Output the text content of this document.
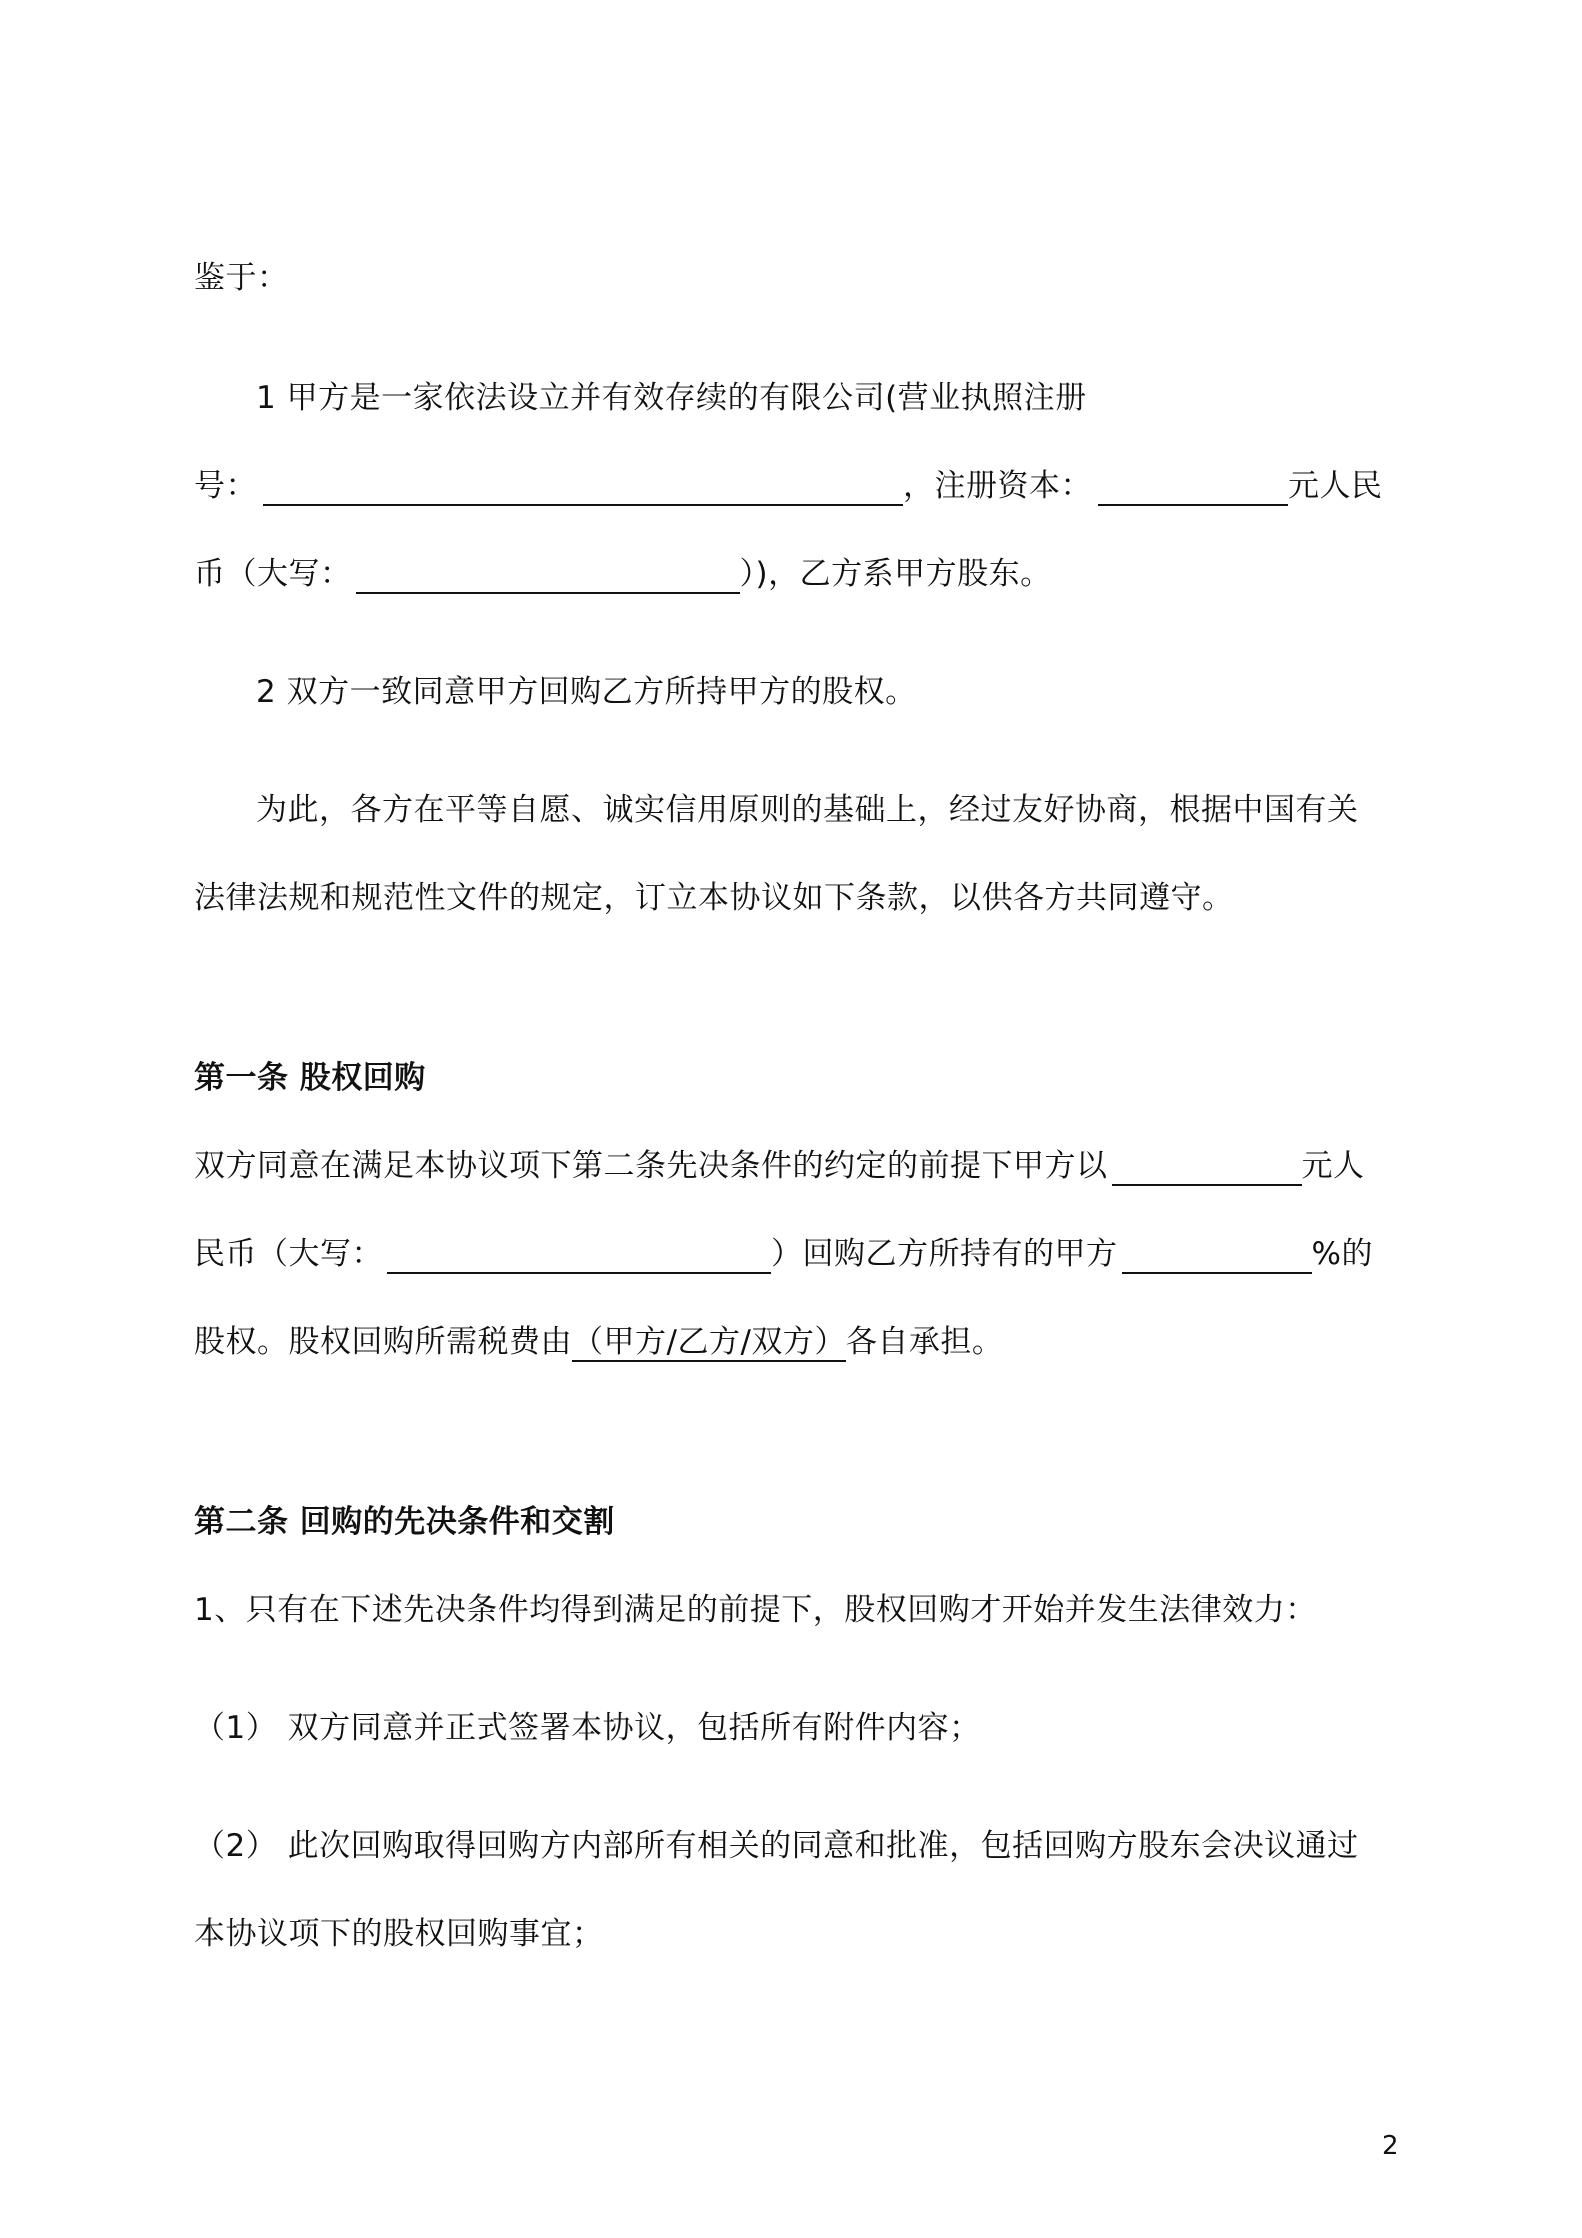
鉴于：
1 甲方是一家依法设立并有效存续的有限公司(营业执照注册
号：	，注册资本：	元人民
币（大写：	）)，乙方系甲方股东。
2 双方一致同意甲方回购乙方所持甲方的股权。
为此，各方在平等自愿、诚实信用原则的基础上，经过友好协商，根据中国有关
法律法规和规范性文件的规定，订立本协议如下条款，以供各方共同遵守。
第一条 股权回购
双方同意在满足本协议项下第二条先决条件的约定的前提下甲方以	元人
民币（大写：	）回购乙方所持有的甲方	%的
股权。股权回购所需税费由（甲方/乙方/双方）各自承担。
第二条 回购的先决条件和交割
1、只有在下述先决条件均得到满足的前提下，股权回购才开始并发生法律效力：
（1） 双方同意并正式签署本协议，包括所有附件内容；
（2） 此次回购取得回购方内部所有相关的同意和批准，包括回购方股东会决议通过
本协议项下的股权回购事宜；
2
